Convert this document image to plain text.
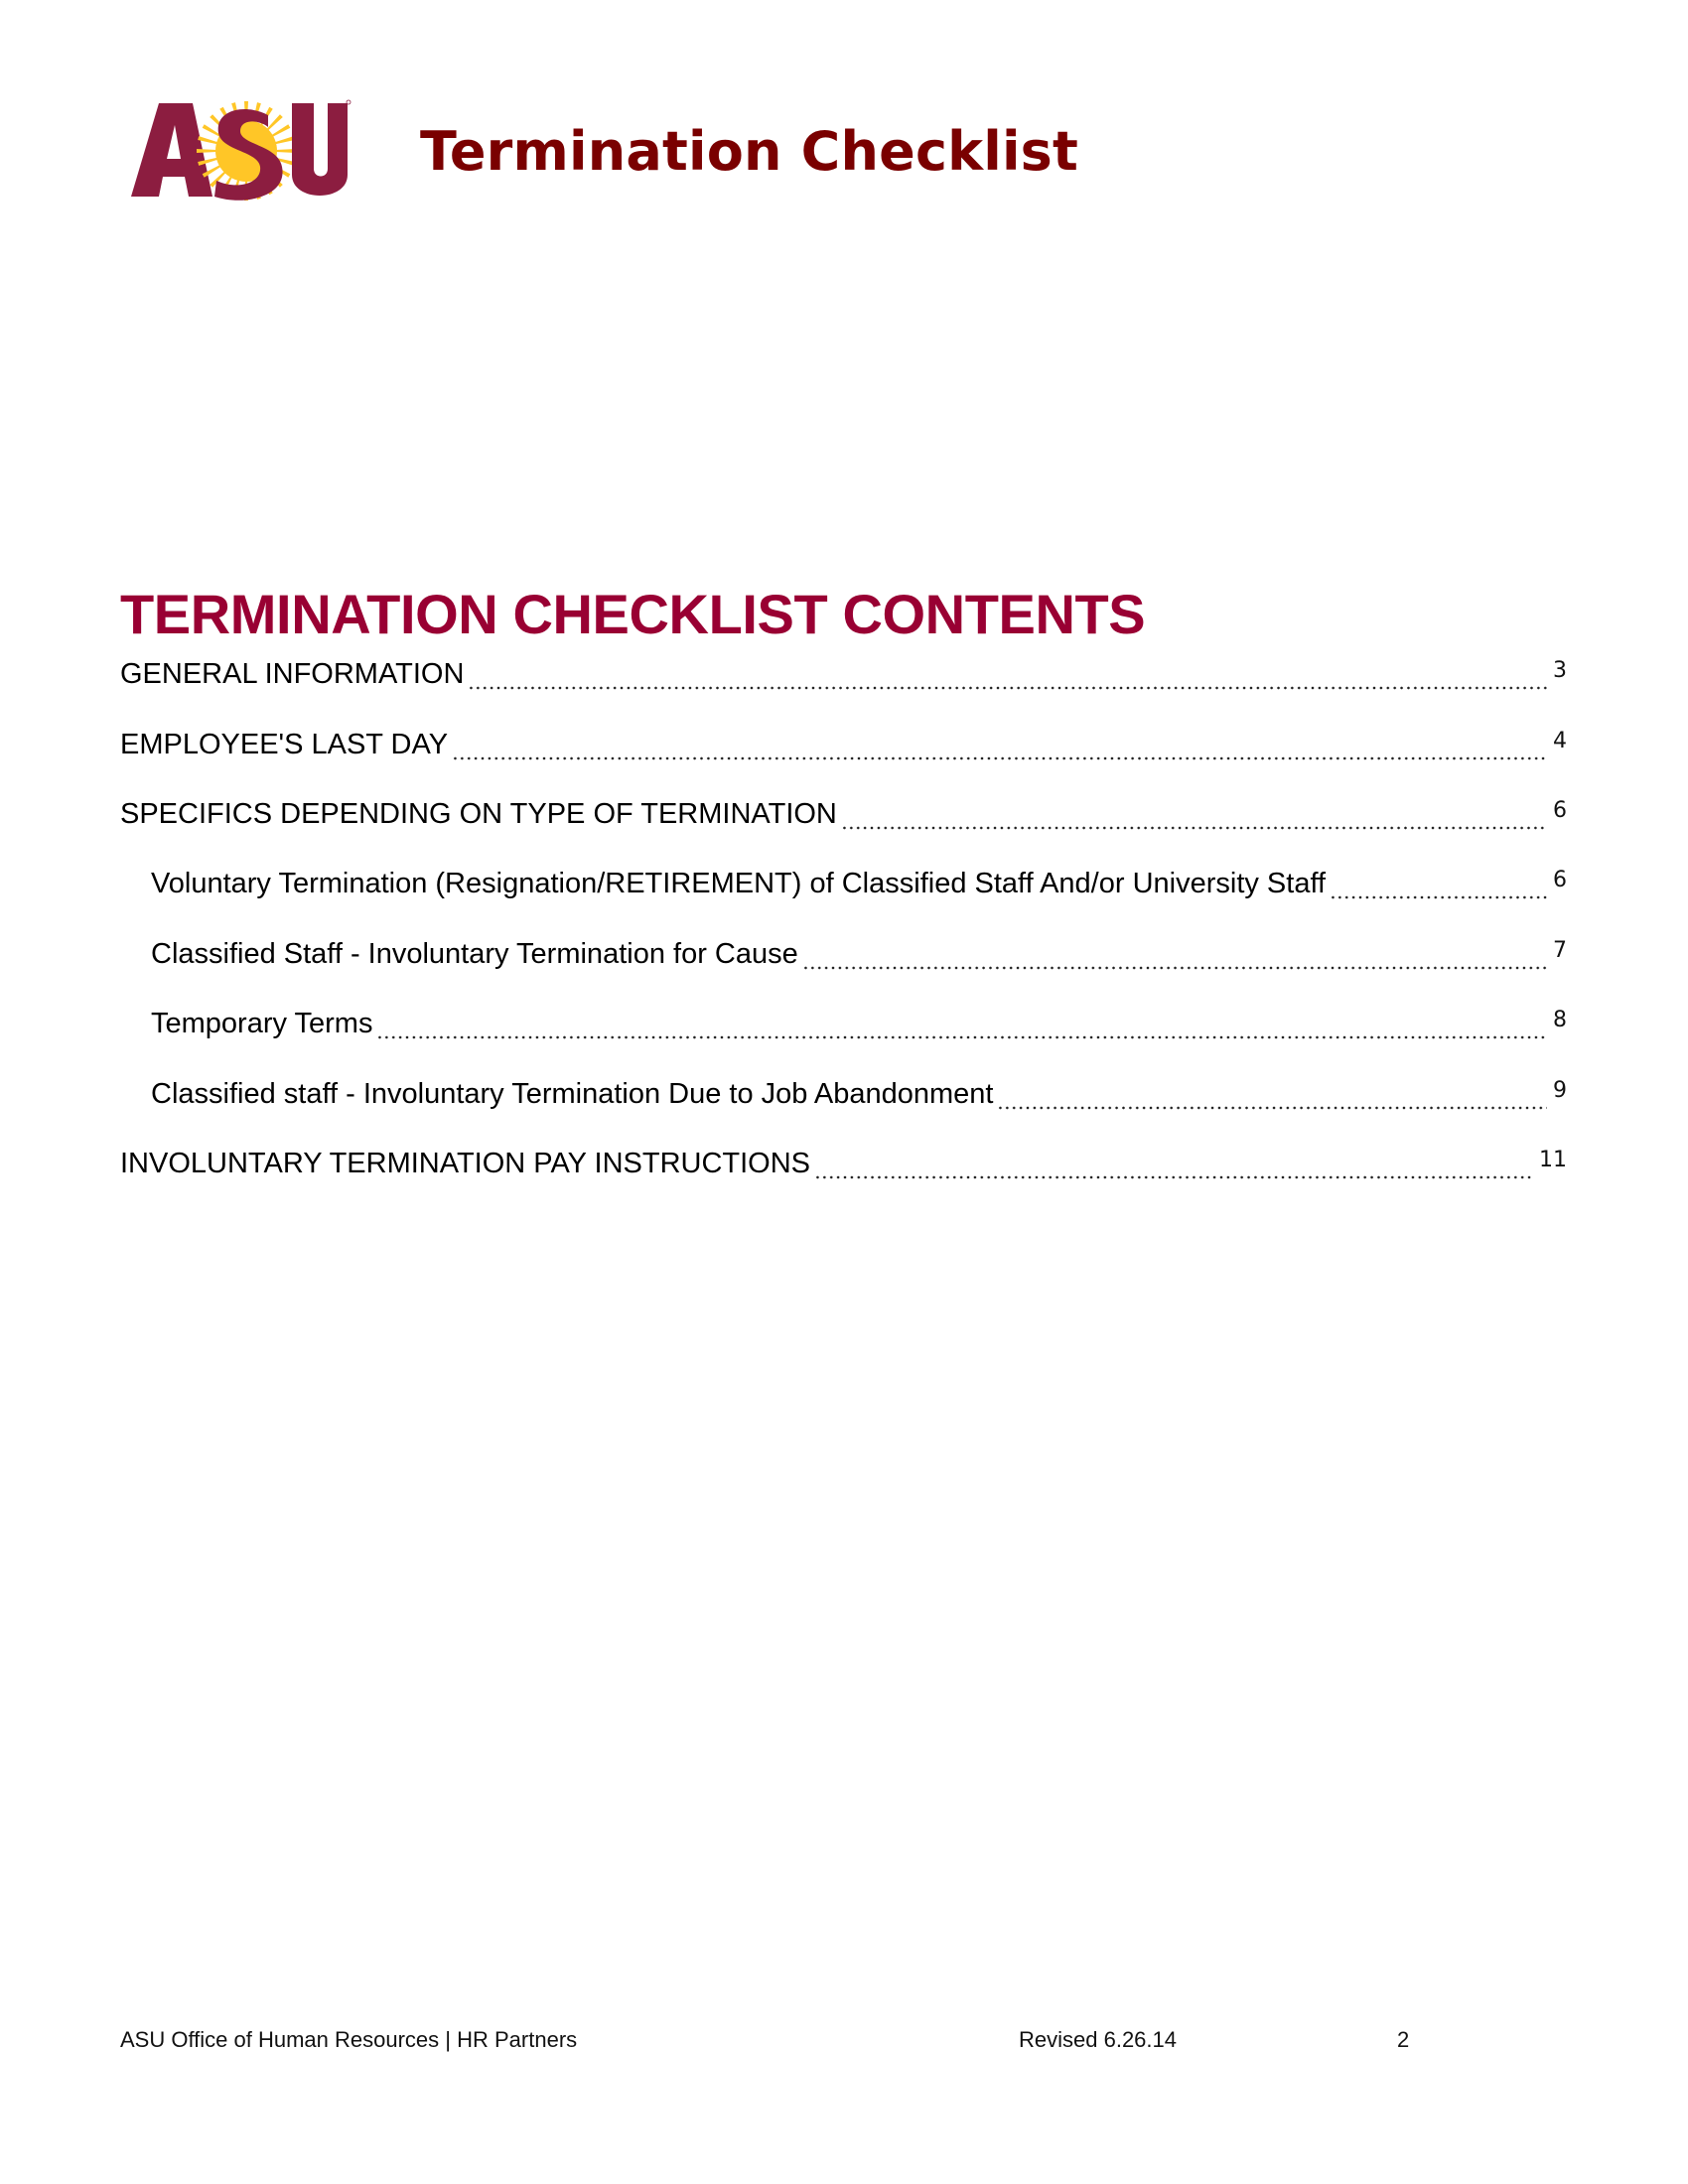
Termination Checklist
TERMINATION CHECKLIST CONTENTS
GENERAL INFORMATION	3
EMPLOYEE'S LAST DAY	4
SPECIFICS DEPENDING ON TYPE OF TERMINATION	6
Voluntary Termination (Resignation/RETIREMENT) of Classified Staff And/or University Staff	6
Classified Staff - Involuntary Termination for Cause	7
Temporary Terms	8
Classified staff - Involuntary Termination Due to Job Abandonment	9
INVOLUNTARY TERMINATION PAY INSTRUCTIONS	11
ASU Office of Human Resources | HR Partners	Revised 6.26.14	2
